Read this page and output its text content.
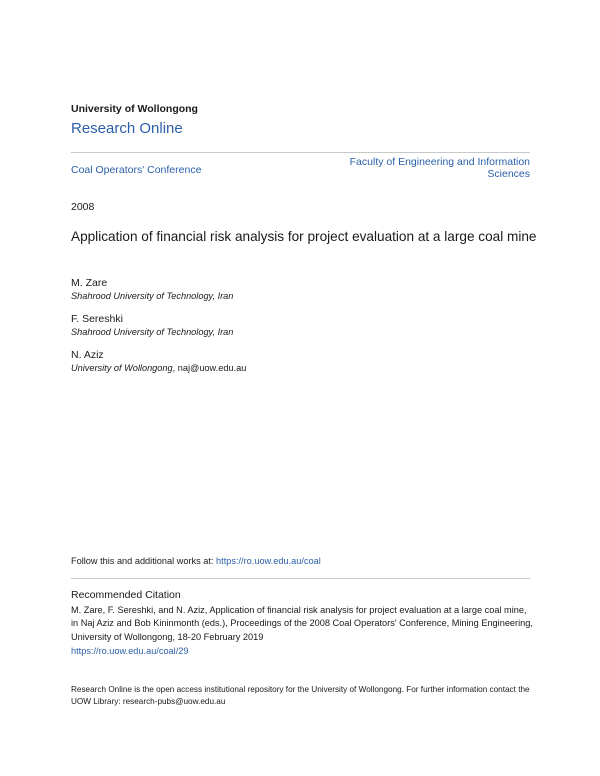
University of Wollongong
Research Online
Coal Operators' Conference
Faculty of Engineering and Information Sciences
2008
Application of financial risk analysis for project evaluation at a large coal mine
M. Zare
Shahrood University of Technology, Iran
F. Sereshki
Shahrood University of Technology, Iran
N. Aziz
University of Wollongong, naj@uow.edu.au
Follow this and additional works at: https://ro.uow.edu.au/coal
Recommended Citation
M. Zare, F. Sereshki, and N. Aziz, Application of financial risk analysis for project evaluation at a large coal mine, in Naj Aziz and Bob Kininmonth (eds.), Proceedings of the 2008 Coal Operators' Conference, Mining Engineering, University of Wollongong, 18-20 February 2019
https://ro.uow.edu.au/coal/29
Research Online is the open access institutional repository for the University of Wollongong. For further information contact the UOW Library: research-pubs@uow.edu.au
